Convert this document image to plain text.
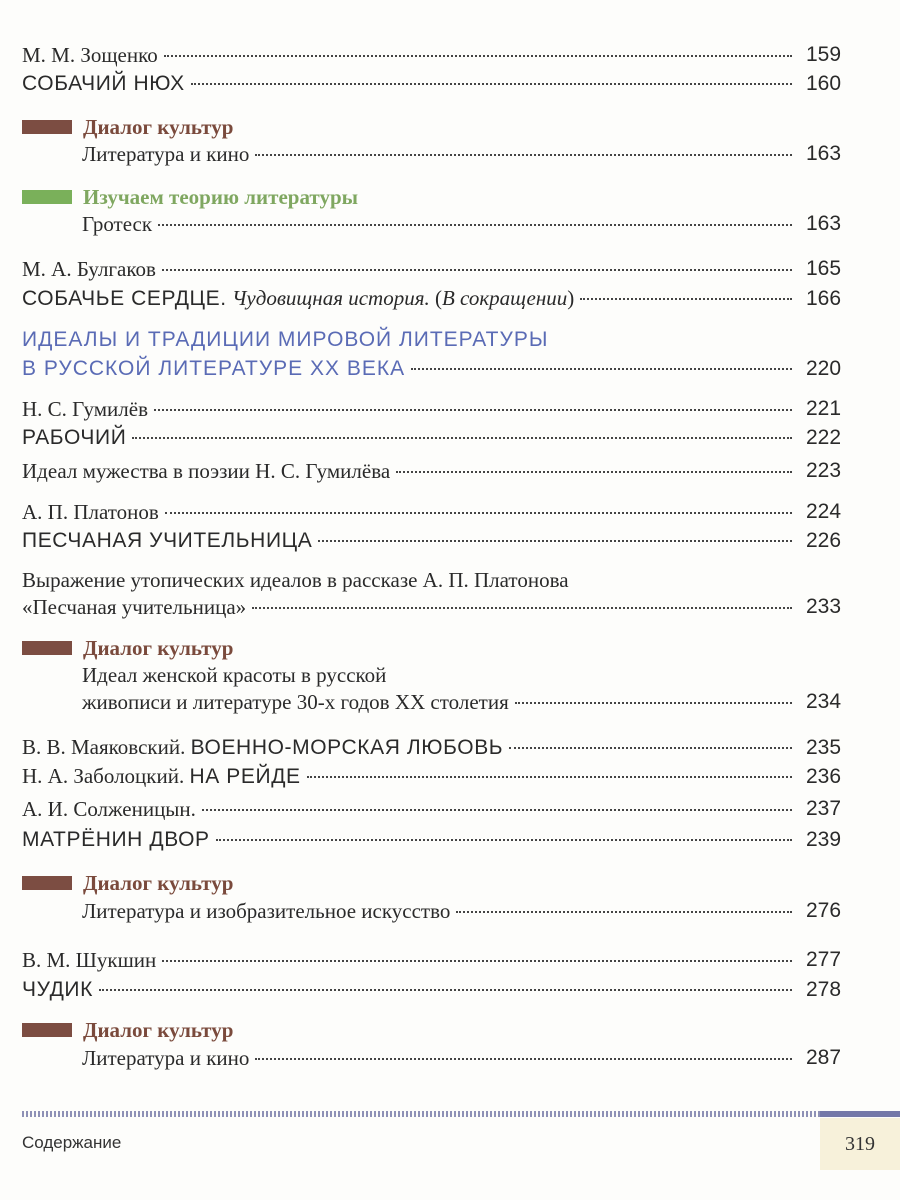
М. М. Зощенко	159
СОБАЧИЙ НЮХ	160
Диалог культур
Литература и кино	163
Изучаем теорию литературы
Гротеск	163
М. А. Булгаков	165
СОБАЧЬЕ СЕРДЦЕ. Чудовищная история. (В сокращении)	166
ИДЕАЛЫ И ТРАДИЦИИ МИРОВОЙ ЛИТЕРАТУРЫ
В РУССКОЙ ЛИТЕРАТУРЕ XX ВЕКА	220
Н. С. Гумилёв	221
РАБОЧИЙ	222
Идеал мужества в поэзии Н. С. Гумилёва	223
А. П. Платонов	224
ПЕСЧАНАЯ УЧИТЕЛЬНИЦА	226
Выражение утопических идеалов в рассказе А. П. Платонова
«Песчаная учительница»	233
Диалог культур
Идеал женской красоты в русской
живописи и литературе 30-х годов XX столетия	234
В. В. Маяковский. ВОЕННО-МОРСКАЯ ЛЮБОВЬ	235
Н. А. Заболоцкий. НА РЕЙДЕ	236
А. И. Солженицын.	237
МАТРЁНИН ДВОР	239
Диалог культур
Литература и изобразительное искусство	276
В. М. Шукшин	277
ЧУДИК	278
Диалог культур
Литература и кино	287
Содержание	319
